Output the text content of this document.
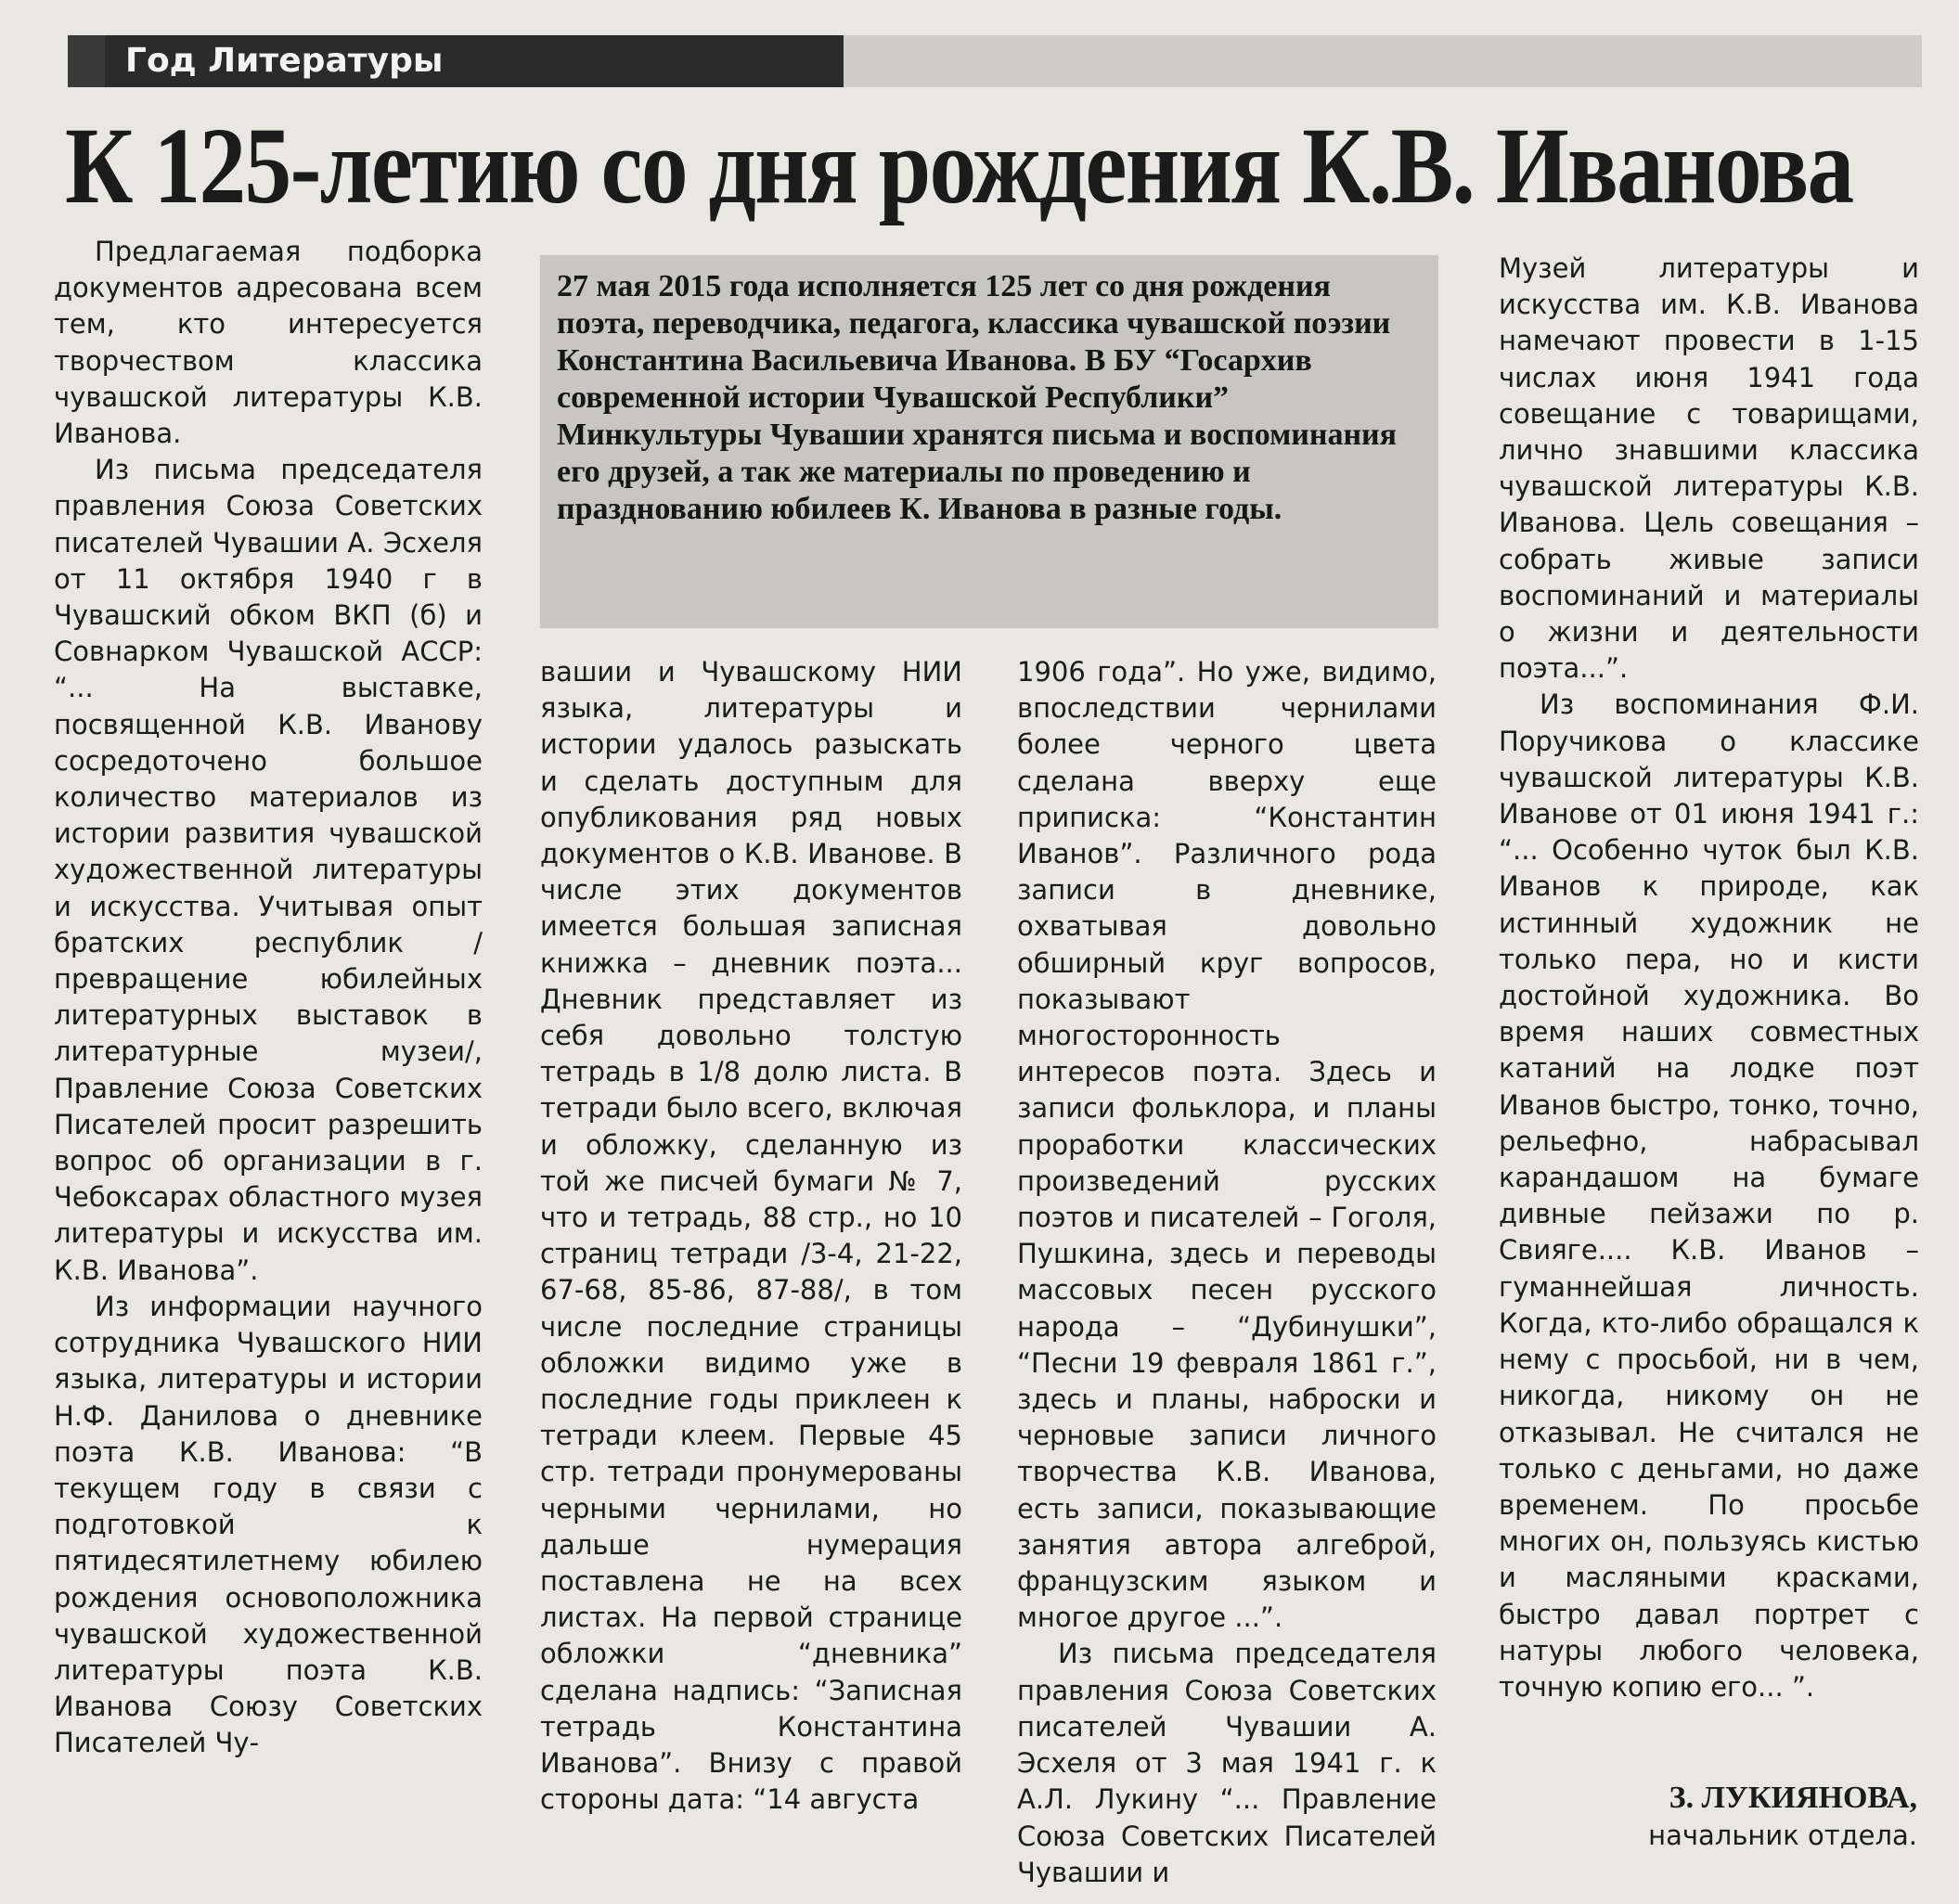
Год Литературы
К 125-летию со дня рождения К.В. Иванова
27 мая 2015 года исполняется 125 лет со дня рождения поэта, переводчика, педагога, классика чувашской поэзии Константина Васильевича Иванова. В БУ “Госархив современной истории Чувашской Республики” Минкультуры Чувашии хранятся письма и воспоминания его друзей, а так же материалы по проведению и празднованию юбилеев К. Иванова в разные годы.

Предлагаемая подборка документов адресована всем тем, кто интересуется творчеством классика чувашской литературы К.В. Иванова.

Из письма председателя правления Союза Советских писателей Чувашии А. Эсхеля от 11 октября 1940 г в Чувашский обком ВКП (б) и Совнарком Чувашской АССР: “... На выставке, посвященной К.В. Иванову сосредоточено большое количество материалов из истории развития чувашской художественной литературы и искусства. Учитывая опыт братских республик /превращение юбилейных литературных выставок в литературные музеи/, Правление Союза Советских Писателей просит разрешить вопрос об организации в г. Чебоксарах областного музея литературы и искусства им. К.В. Иванова”.

Из информации научного сотрудника Чувашского НИИ языка, литературы и истории Н.Ф. Данилова о дневнике поэта К.В. Иванова: “В текущем году в связи с подготовкой к пятидесятилетнему юбилею рождения основоположника чувашской художественной литературы поэта К.В. Иванова Союзу Советских Писателей Чу-

вашии и Чувашскому НИИ языка, литературы и истории удалось разыскать и сделать доступным для опубликования ряд новых документов о К.В. Иванове. В числе этих документов имеется большая записная книжка – дневник поэта... Дневник представляет из себя довольно толстую тетрадь в 1/8 долю листа. В тетради было всего, включая и обложку, сделанную из той же писчей бумаги № 7, что и тетрадь, 88 стр., но 10 страниц тетради /3-4, 21-22, 67-68, 85-86, 87-88/, в том числе последние страницы обложки видимо уже в последние годы приклеен к тетради клеем. Первые 45 стр. тетради пронумерованы черными чернилами, но дальше нумерация поставлена не на всех листах. На первой странице обложки “дневника” сделана надпись: “Записная тетрадь Константина Иванова”. Внизу с правой стороны дата: “14 августа

1906 года”. Но уже, видимо, впоследствии чернилами более черного цвета сделана вверху еще приписка: “Константин Иванов”. Различного рода записи в дневнике, охватывая довольно обширный круг вопросов, показывают многосторонность интересов поэта. Здесь и записи фольклора, и планы проработки классических произведений русских поэтов и писателей – Гоголя, Пушкина, здесь и переводы массовых песен русского народа – “Дубинушки”, “Песни 19 февраля 1861 г.”, здесь и планы, наброски и черновые записи личного творчества К.В. Иванова, есть записи, показывающие занятия автора алгеброй, французским языком и многое другое ...”.

Из письма председателя правления Союза Советских писателей Чувашии А. Эсхеля от 3 мая 1941 г. к А.Л. Лукину “... Правление Союза Советских Писателей Чувашии и

Музей литературы и искусства им. К.В. Иванова намечают провести в 1-15 числах июня 1941 года совещание с товарищами, лично знавшими классика чувашской литературы К.В. Иванова. Цель совещания – собрать живые записи воспоминаний и материалы о жизни и деятельности поэта...”.

Из воспоминания Ф.И. Поручикова о классике чувашской литературы К.В. Иванове от 01 июня 1941 г.: “... Особенно чуток был К.В. Иванов к природе, как истинный художник не только пера, но и кисти достойной художника. Во время наших совместных катаний на лодке поэт Иванов быстро, тонко, точно, рельефно, набрасывал карандашом на бумаге дивные пейзажи по р. Свияге.... К.В. Иванов – гуманнейшая личность. Когда, кто-либо обращался к нему с просьбой, ни в чем, никогда, никому он не отказывал. Не считался не только с деньгами, но даже временем. По просьбе многих он, пользуясь кистью и масляными красками, быстро давал портрет с натуры любого человека, точную копию его... ”.

З. ЛУКИЯНОВА,
начальник отдела.
